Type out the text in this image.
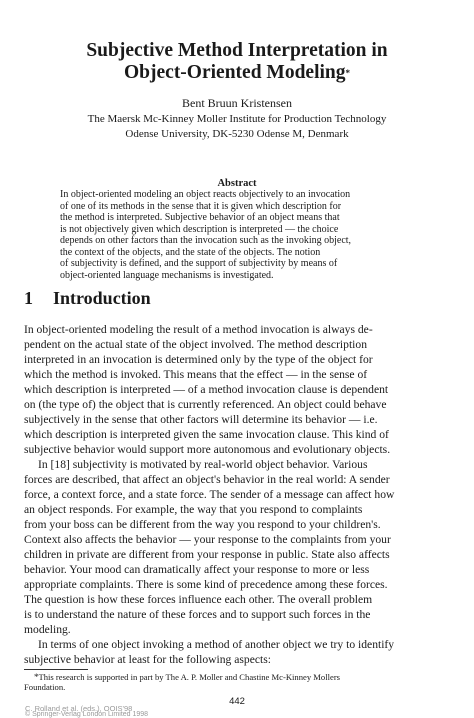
Subjective Method Interpretation in
Object-Oriented Modeling*
Bent Bruun Kristensen
The Maersk Mc-Kinney Moller Institute for Production Technology
Odense University, DK-5230 Odense M, Denmark
Abstract
In object-oriented modeling an object reacts objectively to an invocation
of one of its methods in the sense that it is given which description for
the method is interpreted. Subjective behavior of an object means that
is not objectively given which description is interpreted — the choice
depends on other factors than the invocation such as the invoking object,
the context of the objects, and the state of the objects. The notion
of subjectivity is defined, and the support of subjectivity by means of
object-oriented language mechanisms is investigated.
1 Introduction
In object-oriented modeling the result of a method invocation is always de-
pendent on the actual state of the object involved. The method description
interpreted in an invocation is determined only by the type of the object for
which the method is invoked. This means that the effect — in the sense of
which description is interpreted — of a method invocation clause is dependent
on (the type of) the object that is currently referenced. An object could behave
subjectively in the sense that other factors will determine its behavior — i.e.
which description is interpreted given the same invocation clause. This kind of
subjective behavior would support more autonomous and evolutionary objects.
In [18] subjectivity is motivated by real-world object behavior. Various
forces are described, that affect an object's behavior in the real world: A sender
force, a context force, and a state force. The sender of a message can affect how
an object responds. For example, the way that you respond to complaints
from your boss can be different from the way you respond to your children's.
Context also affects the behavior — your response to the complaints from your
children in private are different from your response in public. State also affects
behavior. Your mood can dramatically affect your response to more or less
appropriate complaints. There is some kind of precedence among these forces.
The question is how these forces influence each other. The overall problem
is to understand the nature of these forces and to support such forces in the
modeling.
In terms of one object invoking a method of another object we try to identify
subjective behavior at least for the following aspects:
*This research is supported in part by The A. P. Moller and Chastine Mc-Kinney Mollers
Foundation.
442
C. Rolland et al. (eds.), OOIS'98
© Springer-Verlag London Limited 1998
